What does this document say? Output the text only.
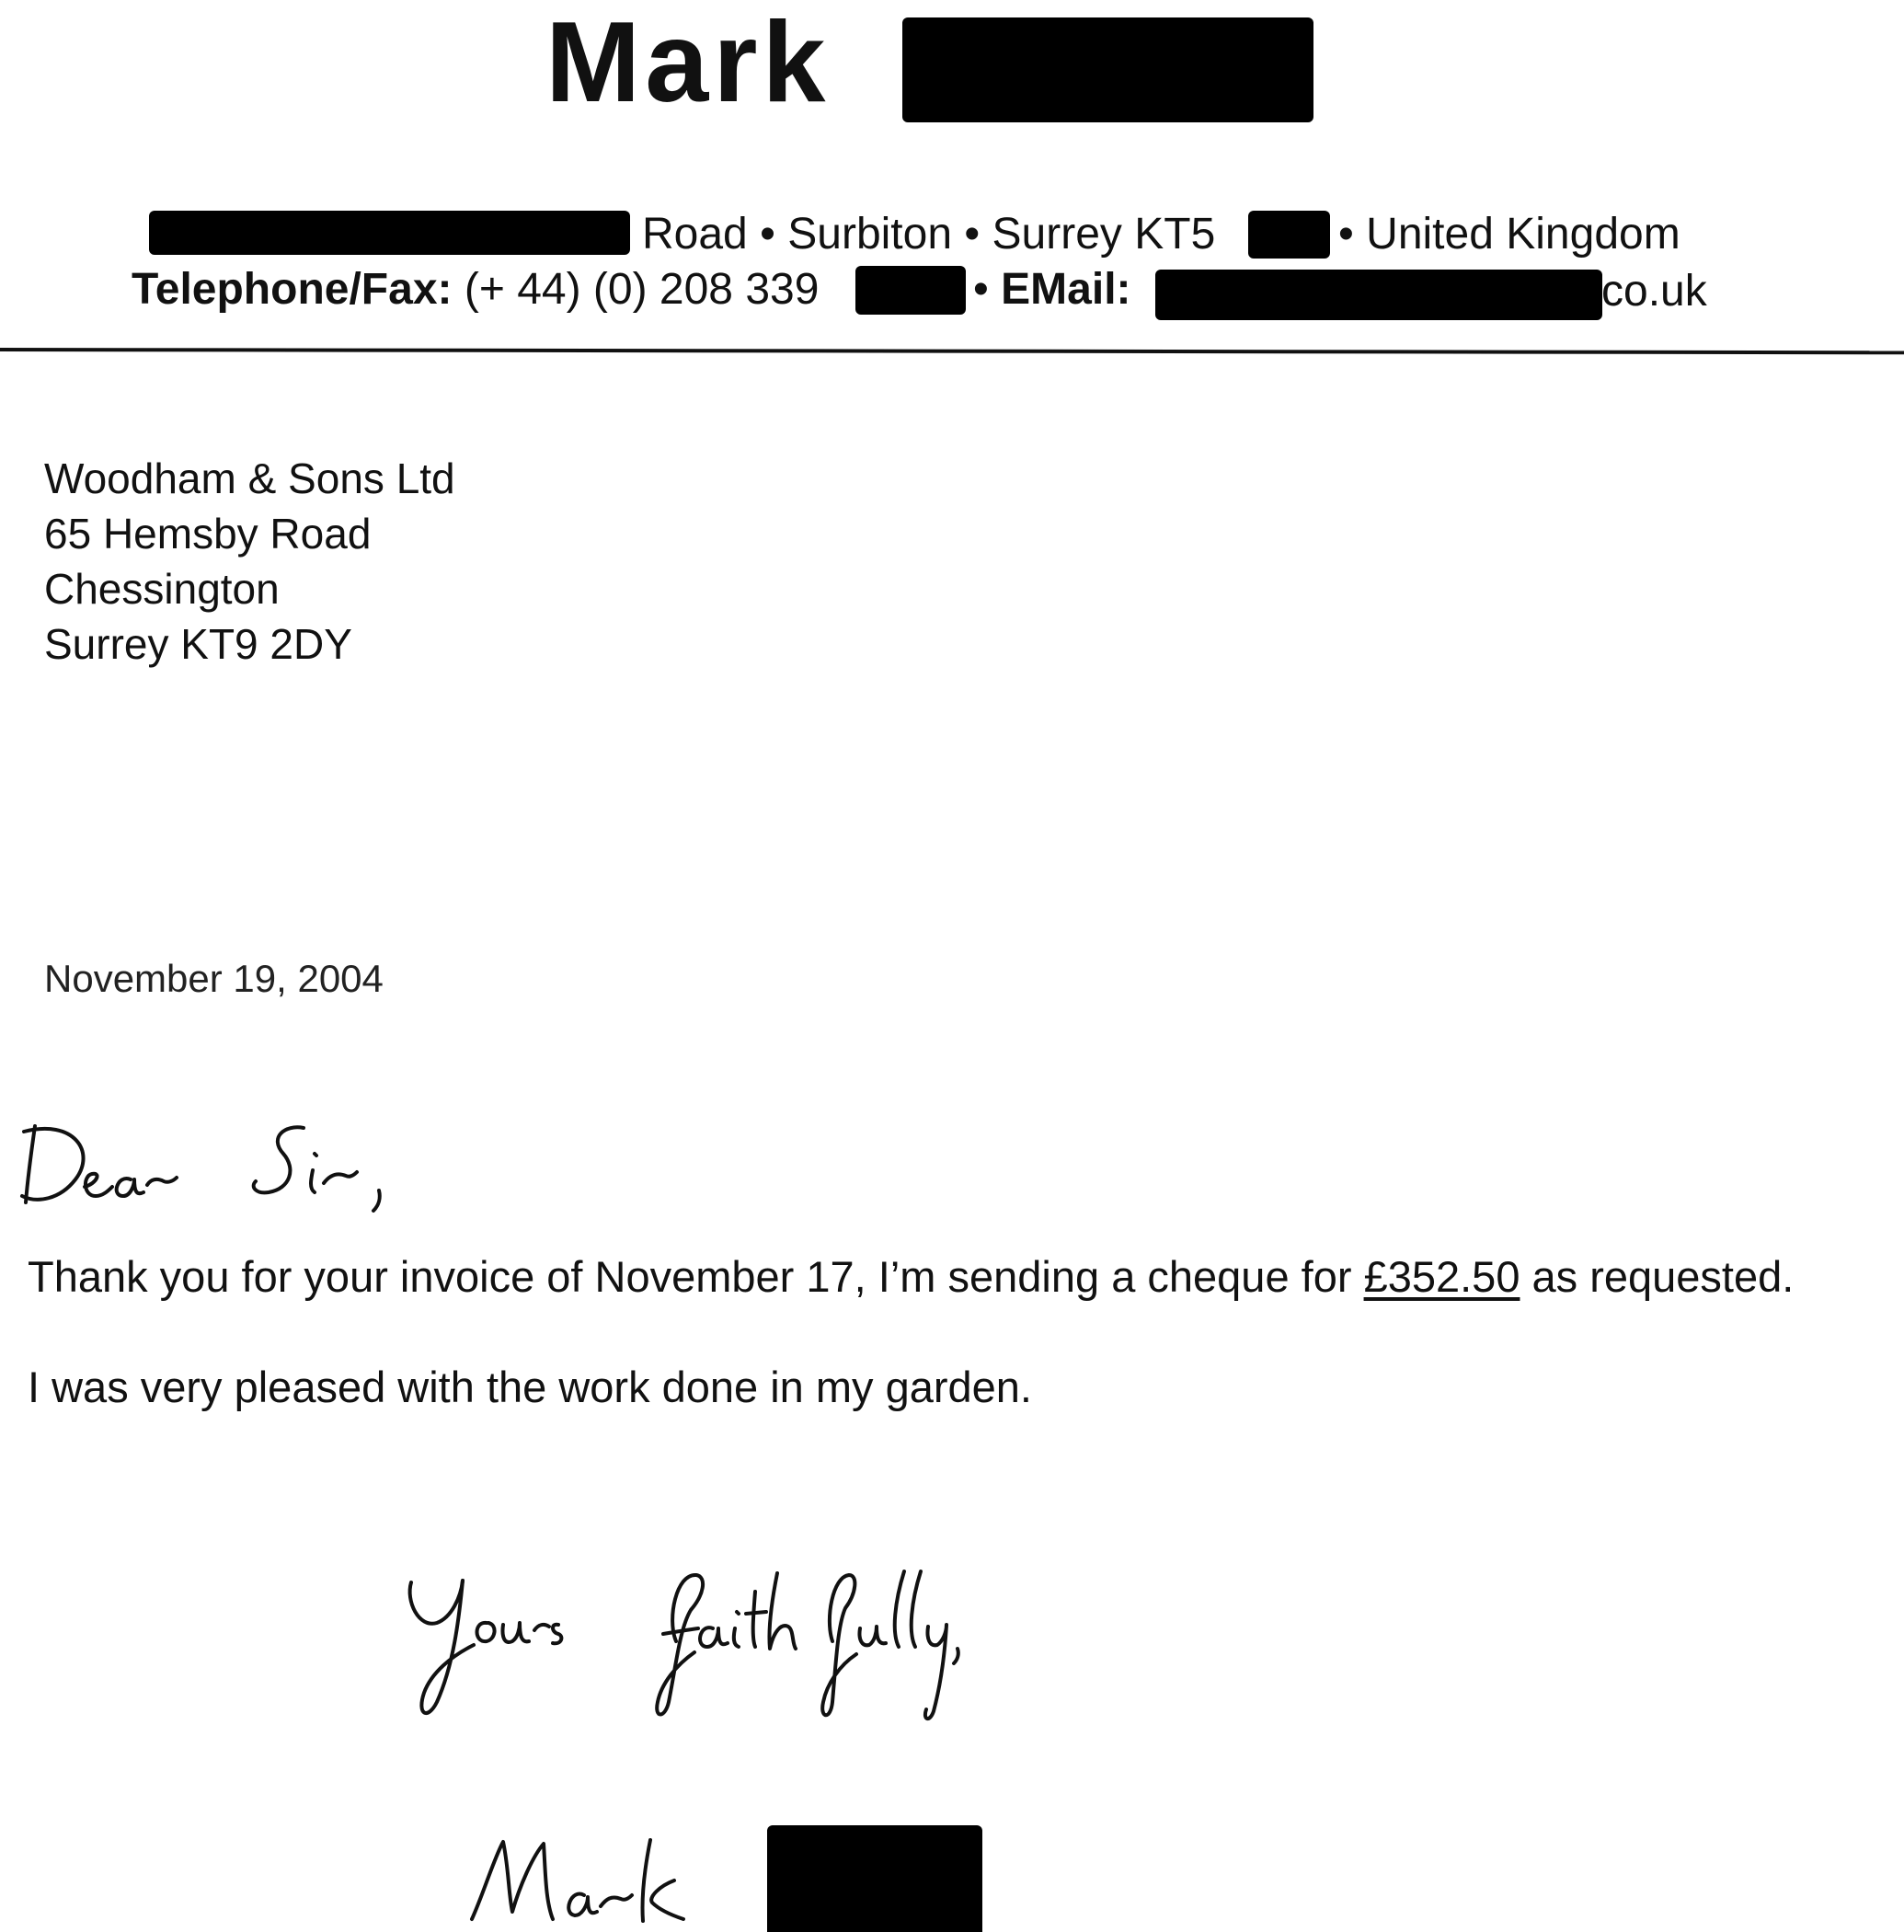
Mark
Road • Surbiton • Surrey KT5	• United Kingdom
Telephone/Fax: (+ 44) (0) 208 339	• EMail:	co.uk
Woodham & Sons Ltd
65 Hemsby Road
Chessington
Surrey KT9 2DY
November 19, 2004
Thank you for your invoice of November 17, I’m sending a cheque for £352.50 as requested.
I was very pleased with the work done in my garden.
